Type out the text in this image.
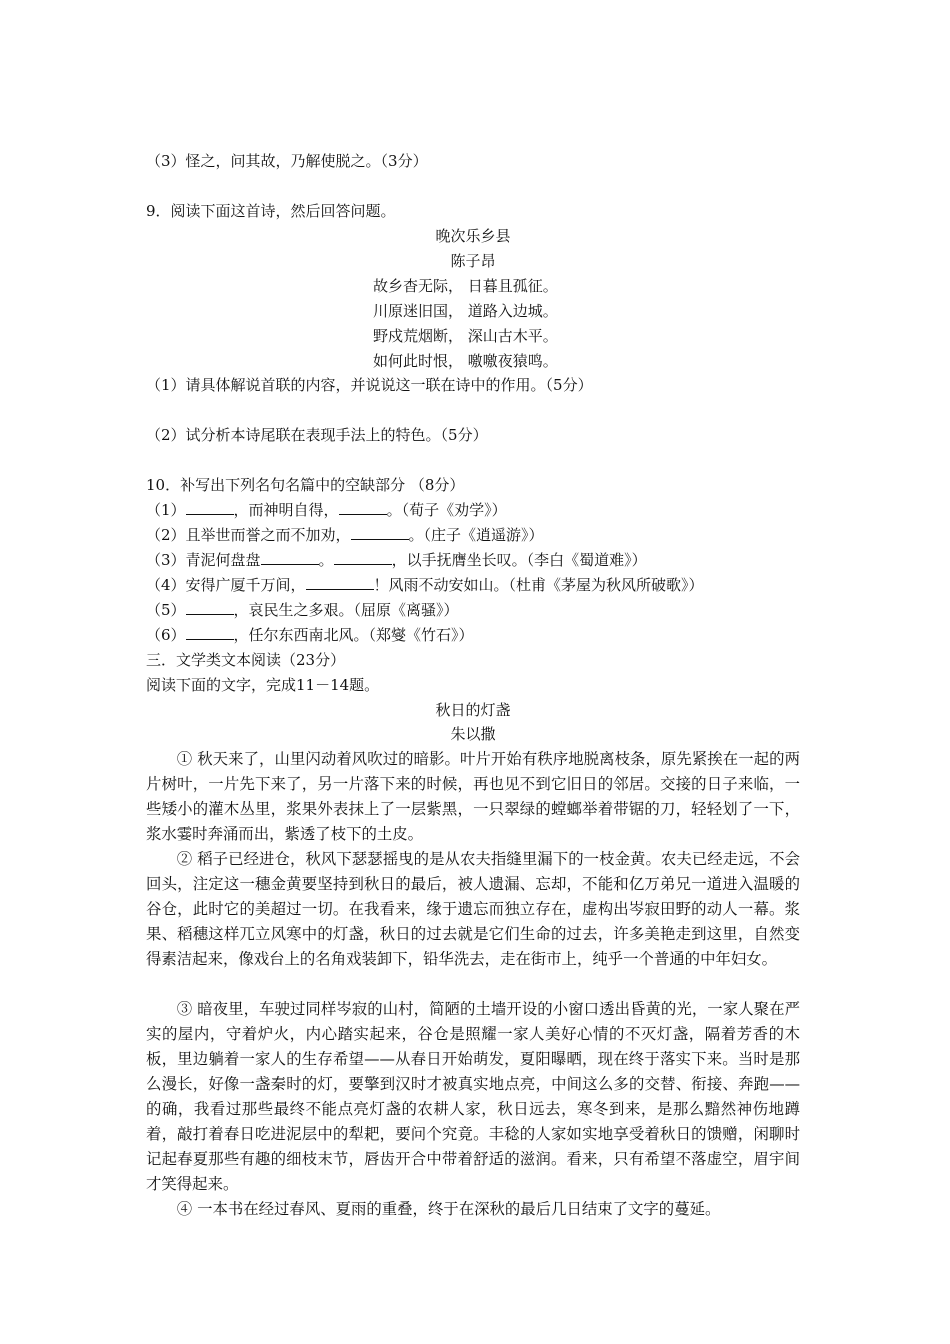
（3）怪之，问其故，乃解使脱之。（3分）
9．阅读下面这首诗，然后回答问题。
晚次乐乡县
陈子昂
故乡杳无际， 日暮且孤征。
川原迷旧国， 道路入边城。
野戍荒烟断， 深山古木平。
如何此时恨， 噭噭夜猿鸣。
（1）请具体解说首联的内容，并说说这一联在诗中的作用。（5分）
（2）试分析本诗尾联在表现手法上的特色。（5分）
10．补写出下列名句名篇中的空缺部分 （8分）
（1）	，而神明自得，	。（荀子《劝学》）
（2）且举世而誉之而不加劝，	。（庄子《逍遥游》）
（3）青泥何盘盘	。	，以手抚膺坐长叹。（李白《蜀道难》）
（4）安得广厦千万间，	！风雨不动安如山。（杜甫《茅屋为秋风所破歌》）
（5）	，哀民生之多艰。（屈原《离骚》）
（6）	，任尔东西南北风。（郑燮《竹石》）
三．文学类文本阅读（23分）
阅读下面的文字，完成11－14题。
秋日的灯盏
朱以撒

① 秋天来了，山里闪动着风吹过的暗影。叶片开始有秩序地脱离枝条，原先紧挨在一起的两片树叶，一片先下来了，另一片落下来的时候，再也见不到它旧日的邻居。交接的日子来临，一些矮小的灌木丛里，浆果外表抹上了一层紫黑，一只翠绿的螳螂举着带锯的刀，轻轻划了一下，浆水霎时奔涌而出，紫透了枝下的土皮。

② 稻子已经进仓，秋风下瑟瑟摇曳的是从农夫指缝里漏下的一枝金黄。农夫已经走远，不会回头，注定这一穗金黄要坚持到秋日的最后，被人遗漏、忘却，不能和亿万弟兄一道进入温暖的谷仓，此时它的美超过一切。在我看来，缘于遗忘而独立存在，虚构出岑寂田野的动人一幕。浆果、稻穗这样兀立风寒中的灯盏，秋日的过去就是它们生命的过去，许多美艳走到这里，自然变得素洁起来，像戏台上的名角戏装卸下，铅华洗去，走在街市上，纯乎一个普通的中年妇女。

③ 暗夜里，车驶过同样岑寂的山村，简陋的土墙开设的小窗口透出昏黄的光，一家人聚在严实的屋内，守着炉火，内心踏实起来，谷仓是照耀一家人美好心情的不灭灯盏，隔着芳香的木板，里边躺着一家人的生存希望——从春日开始萌发，夏阳曝晒，现在终于落实下来。当时是那么漫长，好像一盏秦时的灯，要擎到汉时才被真实地点亮，中间这么多的交替、衔接、奔跑——的确，我看过那些最终不能点亮灯盏的农耕人家，秋日远去，寒冬到来，是那么黯然神伤地蹲着，敲打着春日吃进泥层中的犁耙，要问个究竟。丰稔的人家如实地享受着秋日的馈赠，闲聊时记起春夏那些有趣的细枝末节，唇齿开合中带着舒适的滋润。看来，只有希望不落虚空，眉宇间才笑得起来。

④ 一本书在经过春风、夏雨的重叠，终于在深秋的最后几日结束了文字的蔓延。
